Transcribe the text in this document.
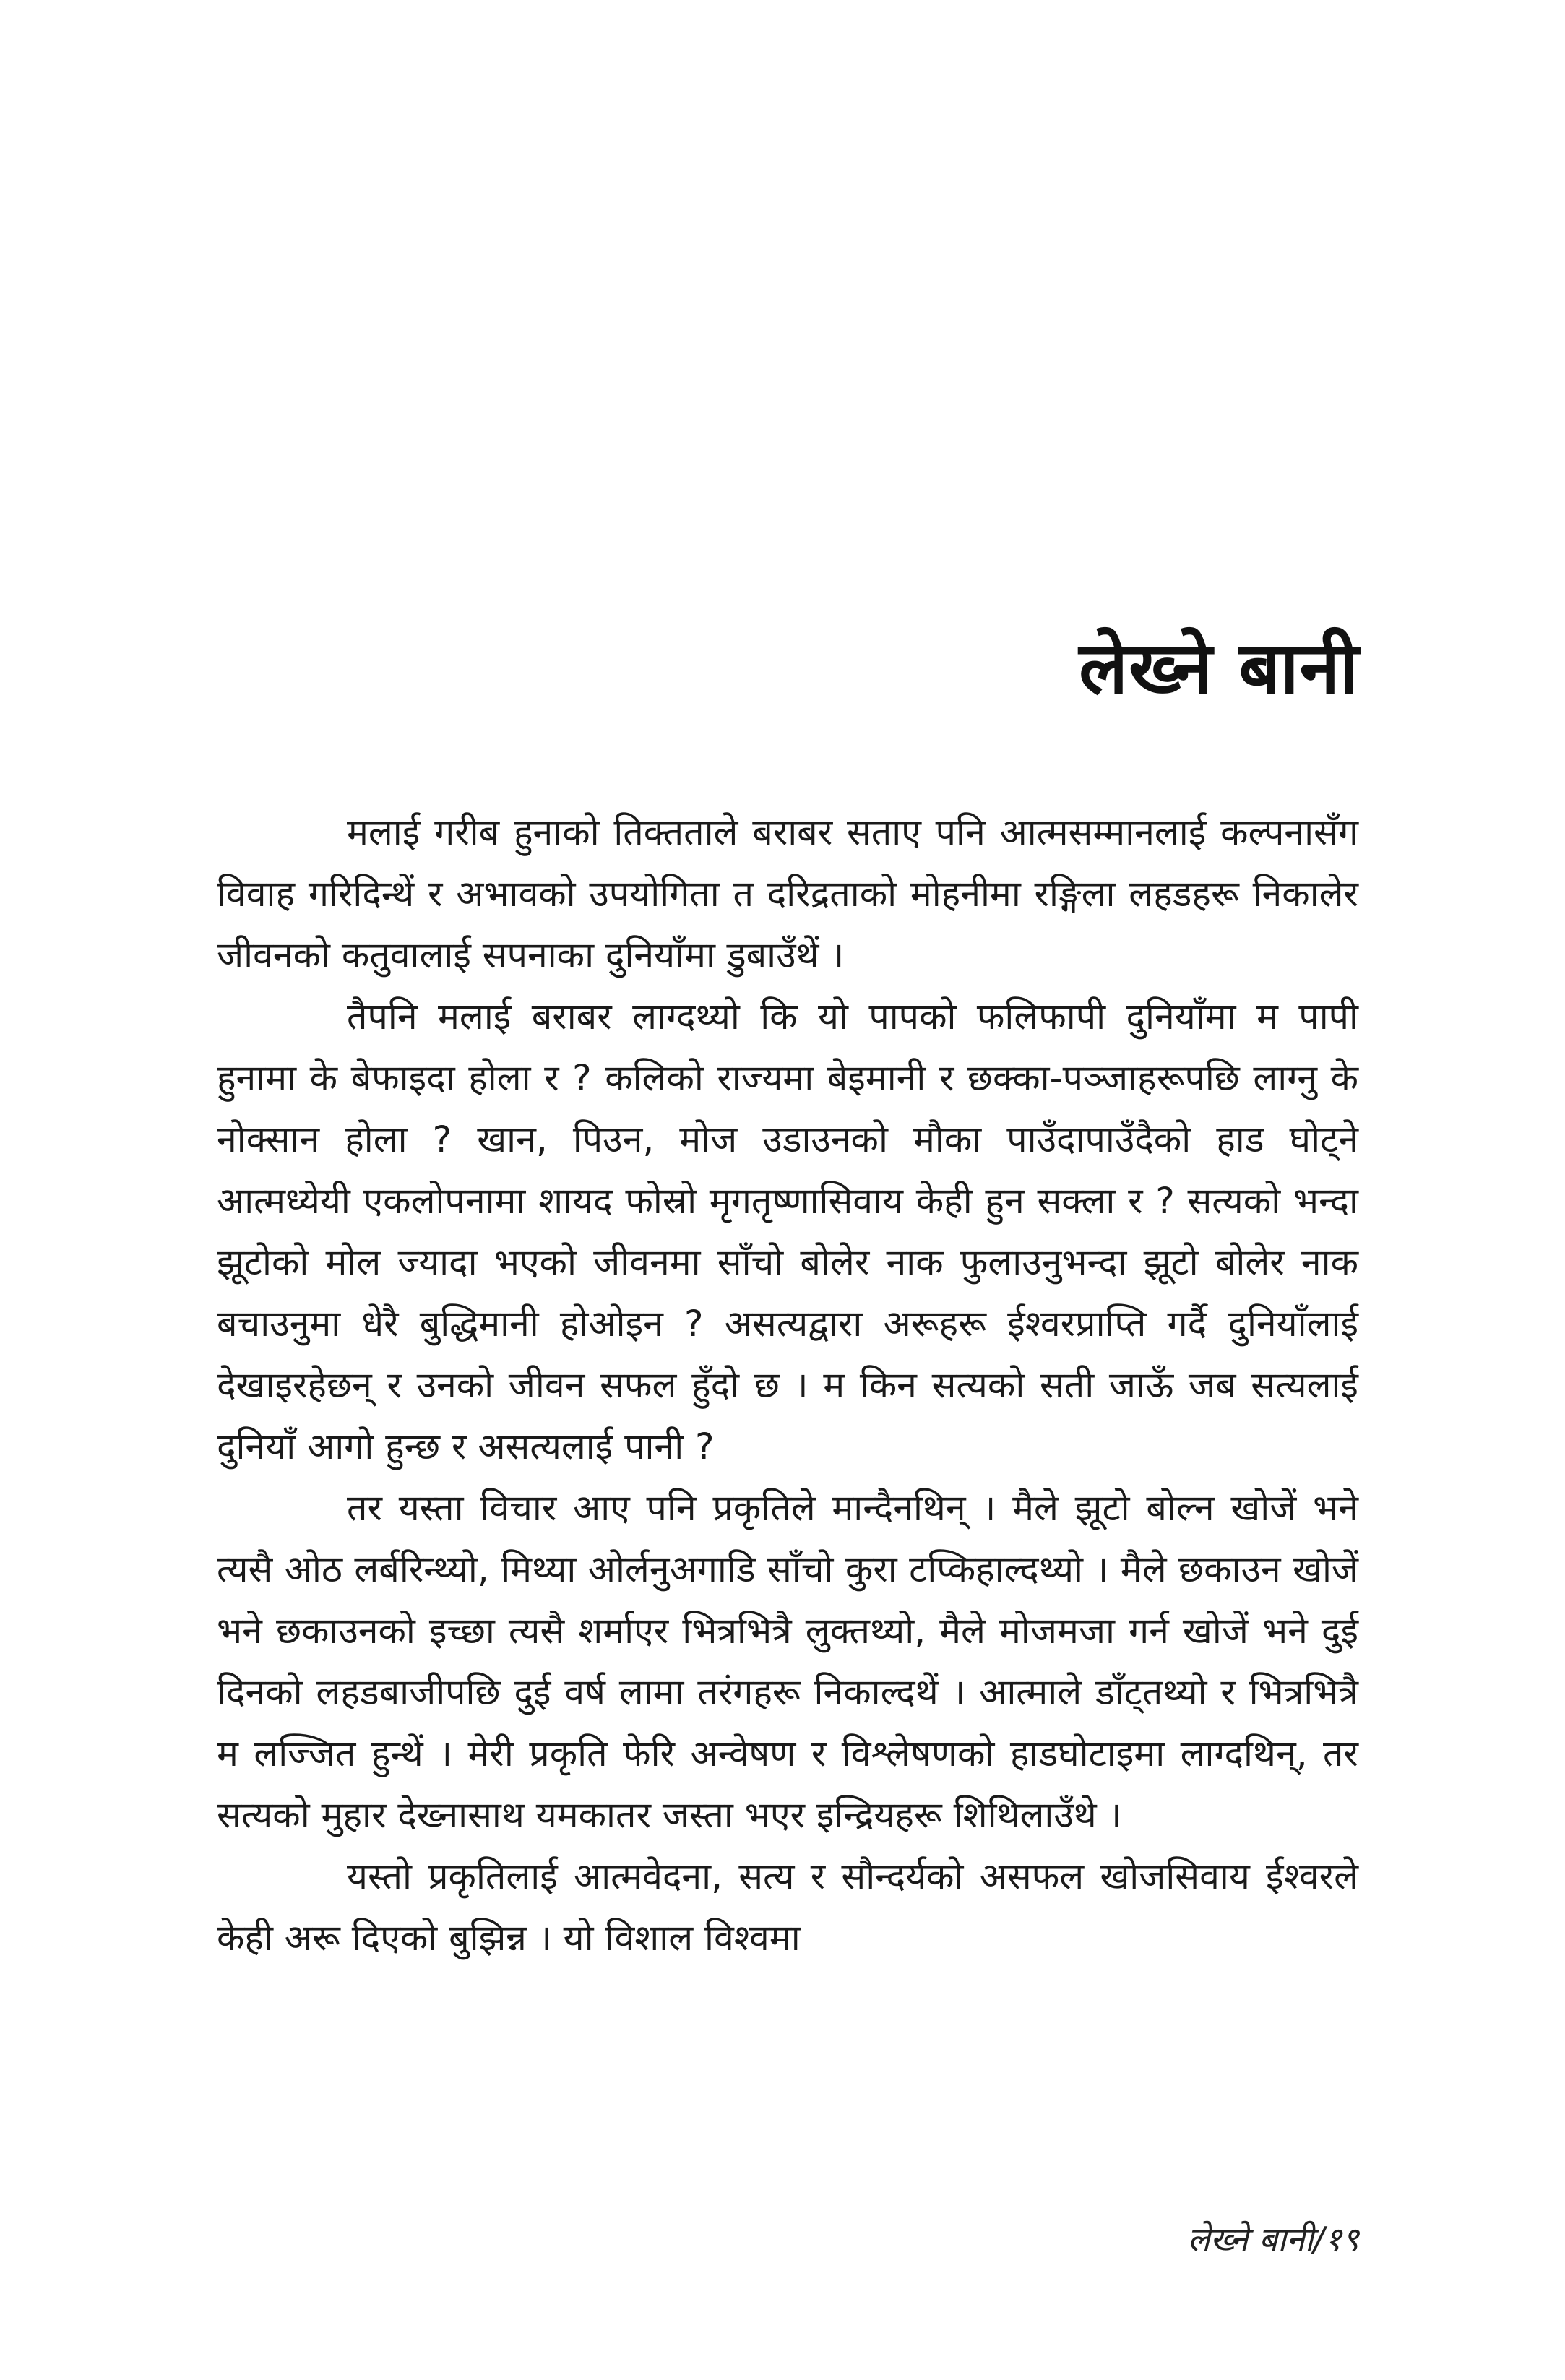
लेख्ने बानी

मलाई गरीब हुनाको तिक्तताले बराबर सताए पनि आत्मसम्मानलाई कल्पनासँग विवाह गरिदिन्थें र अभावको उपयोगिता त दरिद्रताको मोहनीमा रङ्गिला लहडहरू निकालेर जीवनको कतुवालाई सपनाका दुनियाँमा डुबाउँथें ।

तैपनि मलाई बराबर लाग्दथ्यो कि यो पापको फलिफापी दुनियाँमा म पापी हुनामा के बेफाइदा होला र ? कलिको राज्यमा बेइमानी र छक्का-पञ्जाहरूपछि लाग्नु के नोक्सान होला ? खान, पिउन, मोज उडाउनको मौका पाउँदापाउँदैको हाड घोट्ने आत्मध्येयी एकलोपनामा शायद फोस्रो मृगतृष्णासिवाय केही हुन सक्ला र ? सत्यको भन्दा झूटोको मोल ज्यादा भएको जीवनमा साँचो बोलेर नाक फुलाउनुभन्दा झूटो बोलेर नाक बचाउनुमा धेरै बुद्धिमानी होओइन ? असत्यद्वारा अरूहरू ईश्वरप्राप्ति गर्दै दुनियाँलाई देखाइरहेछन् र उनको जीवन सफल हुँदो छ । म किन सत्यको सती जाऊँ जब सत्यलाई दुनियाँ आगो हुन्छ र असत्यलाई पानी ?

तर यस्ता विचार आए पनि प्रकृतिले मान्दैनथिन् । मैले झूटो बोल्न खोजें भने त्यसै ओठ लर्बरिन्थ्यो, मिथ्या ओर्लनुअगाडि साँचो कुरा टप्किहाल्दथ्यो । मैले छकाउन खोजें भने छकाउनको इच्छा त्यसै शर्माएर भित्रभित्रै लुक्तथ्यो, मैले मोजमजा गर्न खोजें भने दुई दिनको लहडबाजीपछि दुई वर्ष लामा तरंगहरू निकाल्दथें । आत्माले डाँट्तथ्यो र भित्रभित्रै म लज्जित हुन्थें । मेरी प्रकृति फेरि अन्वेषण र विश्लेषणको हाडघोटाइमा लाग्दथिन्, तर सत्यको मुहार देख्नासाथ यमकातर जस्ता भएर इन्द्रियहरू शिथिलाउँथे ।

यस्तो प्रकृतिलाई आत्मवेदना, सत्य र सौन्दर्यको असफल खोजसिवाय ईश्वरले केही अरू दिएको बुझिन्न । यो विशाल विश्वमा

लेख्ने बानी/१९
